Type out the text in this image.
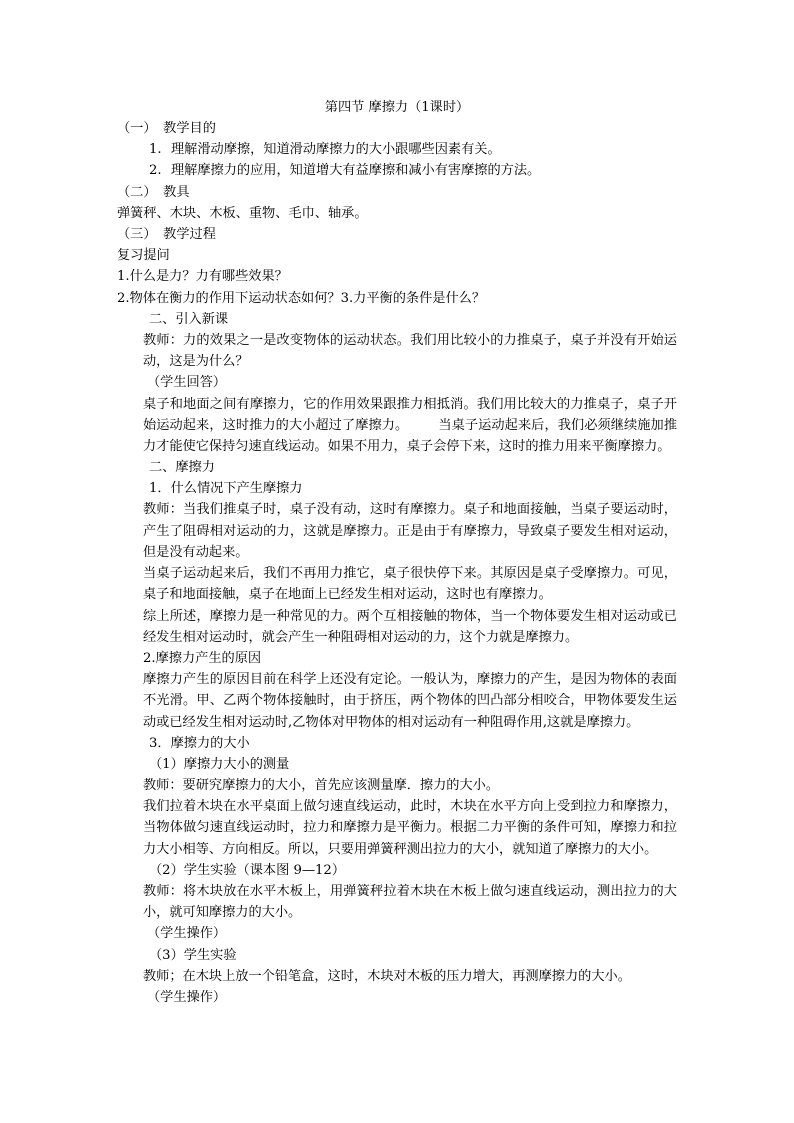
第四节 摩擦力（1课时）
（一）　教学目的
1. 理解滑动摩擦，知道滑动摩擦力的大小跟哪些因素有关。
2. 理解摩擦力的应用，知道增大有益摩擦和减小有害摩擦的方法。
（二）　教具
弹簧秤、木块、木板、重物、毛巾、轴承。
（三）　教学过程
复习提问
1.什么是力？力有哪些效果？
2.物体在衡力的作用下运动状态如何？3.力平衡的条件是什么？
二、引入新课
教师：力的效果之一是改变物体的运动状态。我们用比较小的力推桌子，桌子并没有开始运动，这是为什么？
（学生回答）
桌子和地面之间有摩擦力，它的作用效果跟推力相抵消。我们用比较大的力推桌子，桌子开始运动起来，这时推力的大小超过了摩擦力。 当桌子运动起来后，我们必须继续施加推力才能使它保持匀速直线运动。如果不用力，桌子会停下来，这时的推力用来平衡摩擦力。
二、摩擦力
1．什么情况下产生摩擦力
教师：当我们推桌子时，桌子没有动，这时有摩擦力。桌子和地面接触，当桌子要运动时，产生了阻碍相对运动的力，这就是摩擦力。正是由于有摩擦力，导致桌子要发生相对运动，但是没有动起来。
当桌子运动起来后，我们不再用力推它，桌子很快停下来。其原因是桌子受摩擦力。可见，桌子和地面接触，桌子在地面上已经发生相对运动，这时也有摩擦力。
综上所述，摩擦力是一种常见的力。两个互相接触的物体，当一个物体要发生相对运动或已经发生相对运动时，就会产生一种阻碍相对运动的力，这个力就是摩擦力。
2.摩擦力产生的原因
摩擦力产生的原因目前在科学上还没有定论。一般认为，摩擦力的产生，是因为物体的表面不光滑。甲、乙两个物体接触时，由于挤压，两个物体的凹凸部分相咬合，甲物体要发生运动或已经发生相对运动时,乙物体对甲物体的相对运动有一种阻碍作用,这就是摩擦力。
3．摩擦力的大小
（1）摩擦力大小的测量
教师：要研究摩擦力的大小，首先应该测量摩．擦力的大小。
我们拉着木块在水平桌面上做匀速直线运动，此时，木块在水平方向上受到拉力和摩擦力，当物体做匀速直线运动时，拉力和摩擦力是平衡力。根据二力平衡的条件可知，摩擦力和拉力大小相等、方向相反。所以，只要用弹簧秤测出拉力的大小，就知道了摩擦力的大小。
（2）学生实验（课本图 9—12）
教师：将木块放在水平木板上，用弹簧秤拉着木块在木板上做匀速直线运动，测出拉力的大小，就可知摩擦力的大小。
（学生操作）
（3）学生实验
教师；在木块上放一个铅笔盒，这时，木块对木板的压力增大，再测摩擦力的大小。
（学生操作）
